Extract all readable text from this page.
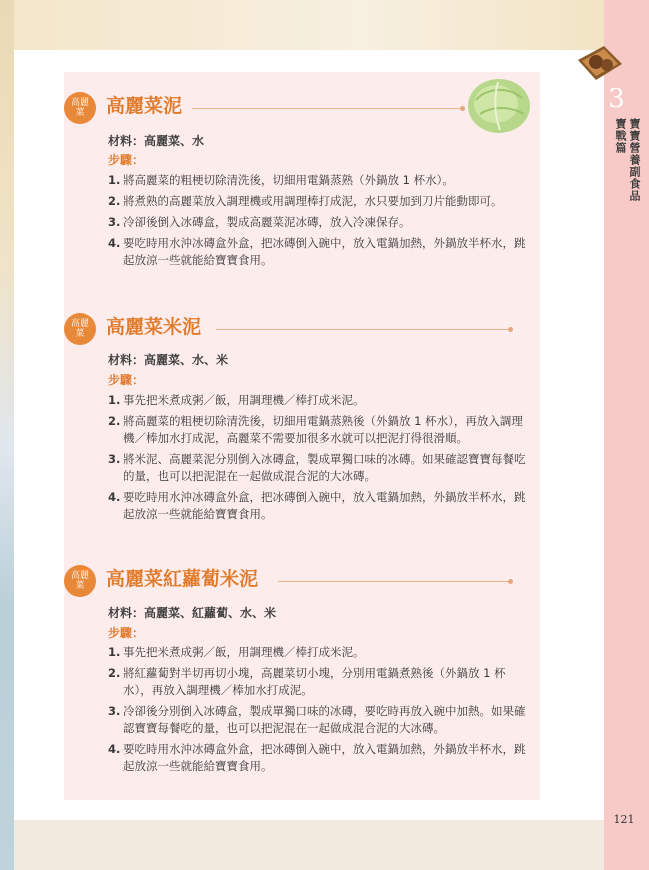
3
寶戰篇 寶寶營養副食品
121
高麗
菜 高麗菜泥
材料：高麗菜、水
步驟：
1. 將高麗菜的粗梗切除清洗後，切細用電鍋蒸熟（外鍋放 1 杯水）。
2. 將煮熟的高麗菜放入調理機或用調理棒打成泥，水只要加到刀片能動即可。
3. 冷卻後倒入冰磚盒，製成高麗菜泥冰磚，放入冷凍保存。
4. 要吃時用水沖冰磚盒外盒，把冰磚倒入碗中，放入電鍋加熱，外鍋放半杯水，跳起放涼一些就能給寶寶食用。
高麗
菜 高麗菜米泥
材料：高麗菜、水、米
步驟：
1. 事先把米煮成粥／飯，用調理機／棒打成米泥。
2. 將高麗菜的粗梗切除清洗後，切細用電鍋蒸熟後（外鍋放 1 杯水），再放入調理機／棒加水打成泥，高麗菜不需要加很多水就可以把泥打得很滑順。
3. 將米泥、高麗菜泥分別倒入冰磚盒，製成單獨口味的冰磚。如果確認寶寶每餐吃的量，也可以把泥混在一起做成混合泥的大冰磚。
4. 要吃時用水沖冰磚盒外盒，把冰磚倒入碗中，放入電鍋加熱，外鍋放半杯水，跳起放涼一些就能給寶寶食用。
高麗
菜 高麗菜紅蘿蔔米泥
材料：高麗菜、紅蘿蔔、水、米
步驟：
1. 事先把米煮成粥／飯，用調理機／棒打成米泥。
2. 將紅蘿蔔對半切再切小塊，高麗菜切小塊，分別用電鍋煮熟後（外鍋放 1 杯水），再放入調理機／棒加水打成泥。
3. 冷卻後分別倒入冰磚盒，製成單獨口味的冰磚，要吃時再放入碗中加熱。如果確認寶寶每餐吃的量，也可以把泥混在一起做成混合泥的大冰磚。
4. 要吃時用水沖冰磚盒外盒，把冰磚倒入碗中，放入電鍋加熱，外鍋放半杯水，跳起放涼一些就能給寶寶食用。
